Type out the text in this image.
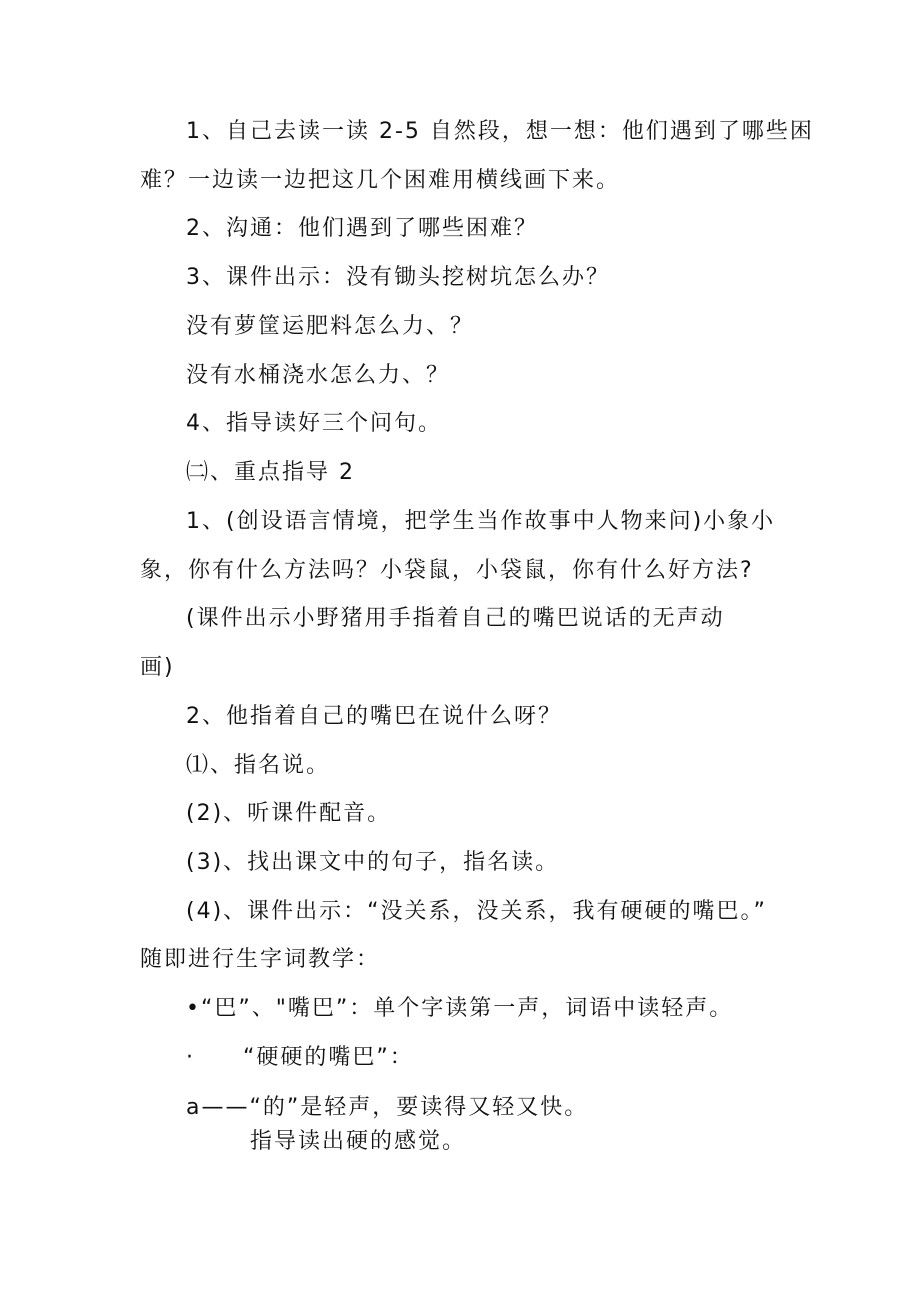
1、自己去读一读 2-5 自然段，想一想：他们遇到了哪些困
难？一边读一边把这几个困难用横线画下来。
2、沟通：他们遇到了哪些困难？
3、课件出示：没有锄头挖树坑怎么办？
没有萝筐运肥料怎么力、？
没有水桶浇水怎么力、？
4、指导读好三个问句。
㈡、重点指导 2
1、(创设语言情境，把学生当作故事中人物来问)小象小
象，你有什么方法吗？小袋鼠，小袋鼠，你有什么好方法?
(课件出示小野猪用手指着自己的嘴巴说话的无声动
画)
2、他指着自己的嘴巴在说什么呀？
⑴、指名说。
(2)、听课件配音。
(3)、找出课文中的句子，指名读。
(4)、课件出示：“没关系，没关系，我有硬硬的嘴巴。”
随即进行生字词教学：
•“巴”、"嘴巴”：单个字读第一声，词语中读轻声。
·　　“硬硬的嘴巴”：
a——“的”是轻声，要读得又轻又快。
指导读出硬的感觉。
